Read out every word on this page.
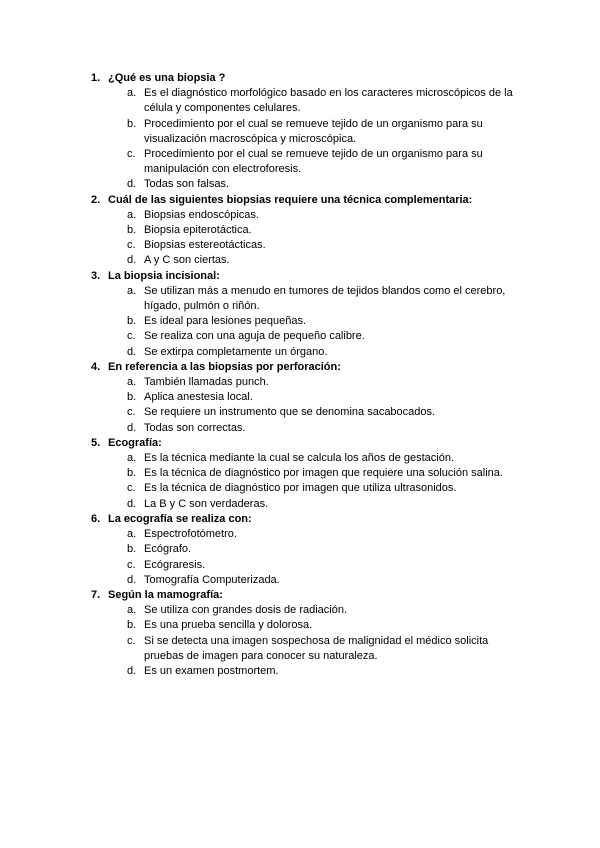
1. ¿Qué es una biopsia ?
a. Es el diagnóstico morfológico basado en los caracteres microscópicos de la célula y componentes celulares.
b. Procedimiento por el cual se remueve tejido de un organismo para su visualización macroscópica y microscópica.
c. Procedimiento por el cual se remueve tejido de un organismo para su manipulación con electroforesis.
d. Todas son falsas.
2. Cuál de las siguientes biopsias requiere una técnica complementaria:
a. Biopsias endoscópicas.
b. Biopsia epiterotáctica.
c. Biopsias estereotácticas.
d. A y C son ciertas.
3. La biopsia incisional:
a. Se utilizan más a menudo en tumores de tejidos blandos como el cerebro, hígado, pulmón o riñón.
b. Es ideal para lesiones pequeñas.
c. Se realiza con una aguja de pequeño calibre.
d. Se extirpa completamente un órgano.
4. En referencia a las biopsias por perforación:
a. También llamadas punch.
b. Aplica anestesia local.
c. Se requiere un instrumento que se denomina sacabocados.
d. Todas son correctas.
5. Ecografía:
a. Es la técnica mediante la cual se calcula los años de gestación.
b. Es la técnica de diagnóstico por imagen que requiere una solución salina.
c. Es la técnica de diagnóstico por imagen que utiliza ultrasonidos.
d. La B y C son verdaderas.
6. La ecografía se realiza con:
a. Espectrofotómetro.
b. Ecógrafo.
c. Ecógraresis.
d. Tomografía Computerizada.
7. Según la mamografía:
a. Se utiliza con grandes dosis de radiación.
b. Es una prueba sencilla y dolorosa.
c. Si se detecta una imagen sospechosa de malignidad el médico solicita pruebas de imagen para conocer su naturaleza.
d. Es un examen postmortem.
